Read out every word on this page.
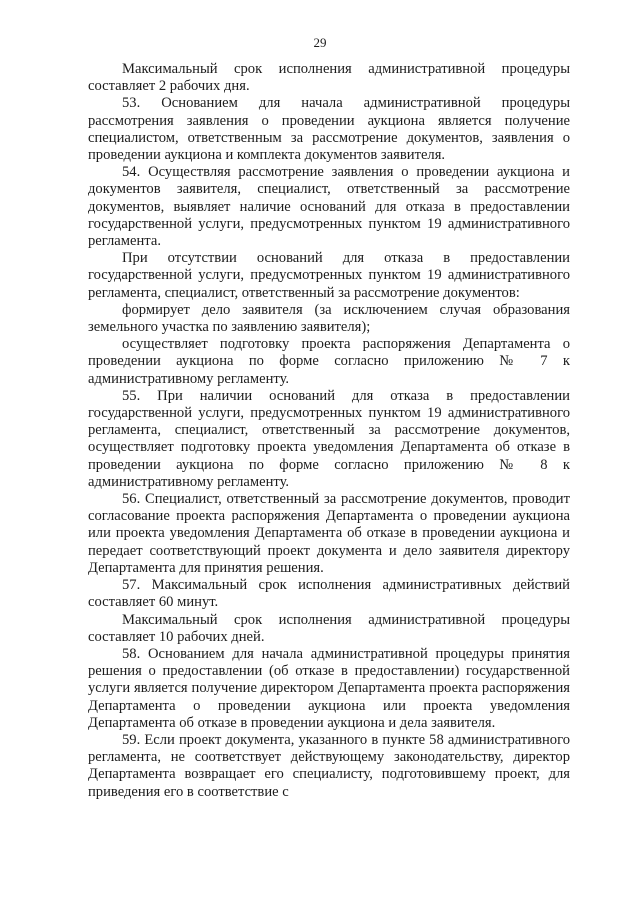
29

Максимальный срок исполнения административной процедуры составляет 2 рабочих дня.

53. Основанием для начала административной процедуры рассмотрения заявления о проведении аукциона является получение специалистом, ответственным за рассмотрение документов, заявления о проведении аукциона и комплекта документов заявителя.

54. Осуществляя рассмотрение заявления о проведении аукциона и документов заявителя, специалист, ответственный за рассмотрение документов, выявляет наличие оснований для отказа в предоставлении государственной услуги, предусмотренных пунктом 19 административного регламента.

При отсутствии оснований для отказа в предоставлении государственной услуги, предусмотренных пунктом 19 административного регламента, специалист, ответственный за рассмотрение документов:

формирует дело заявителя (за исключением случая образования земельного участка по заявлению заявителя);

осуществляет подготовку проекта распоряжения Департамента о проведении аукциона по форме согласно приложению № 7 к административному регламенту.

55. При наличии оснований для отказа в предоставлении государственной услуги, предусмотренных пунктом 19 административного регламента, специалист, ответственный за рассмотрение документов, осуществляет подготовку проекта уведомления Департамента об отказе в проведении аукциона по форме согласно приложению № 8 к административному регламенту.

56. Специалист, ответственный за рассмотрение документов, проводит согласование проекта распоряжения Департамента о проведении аукциона или проекта уведомления Департамента об отказе в проведении аукциона и передает соответствующий проект документа и дело заявителя директору Департамента для принятия решения.

57. Максимальный срок исполнения административных действий составляет 60 минут.

Максимальный срок исполнения административной процедуры составляет 10 рабочих дней.

58. Основанием для начала административной процедуры принятия решения о предоставлении (об отказе в предоставлении) государственной услуги является получение директором Департамента проекта распоряжения Департамента о проведении аукциона или проекта уведомления Департамента об отказе в проведении аукциона и дела заявителя.

59. Если проект документа, указанного в пункте 58 административного регламента, не соответствует действующему законодательству, директор Департамента возвращает его специалисту, подготовившему проект, для приведения его в соответствие с
